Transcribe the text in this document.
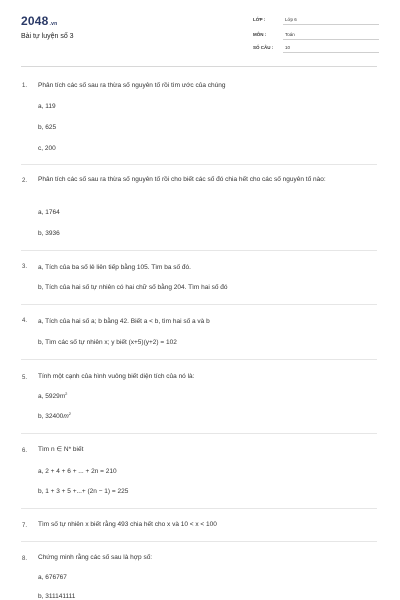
2048.vn
Bài tự luyện số 3
LỚP :	Lớp 6
MÔN :	Toán
SỐ CÂU :	10
1. Phân tích các số sau ra thừa số nguyên tố rồi tìm ước của chúng
a, 119
b, 625
c, 200
2. Phân tích các số sau ra thừa số nguyên tố rồi cho biết các số đó chia hết cho các số nguyên tố nào:
a, 1764
b, 3936
3. a, Tích của ba số lẻ liên tiếp bằng 105. Tìm ba số đó.
b, Tích của hai số tự nhiên có hai chữ số bằng 204. Tìm hai số đó
4. a, Tích của hai số a; b bằng 42. Biết a < b, tìm hai số a và b
b, Tìm các số tự nhiên x; y biết (x+5)(y+2) = 102
5. Tính một cạnh của hình vuông biết diện tích của nó là:
a, $5929m^2$
b, $32400m^2$
6. Tìm n ∈ N* biết
a, 2 + 4 + 6 + ... + 2n = 210
b, 1 + 3 + 5 +...+ (2n − 1) = 225
7. Tìm số tự nhiên x biết rằng 493 chia hết cho x và 10 < x < 100
8. Chứng minh rằng các số sau là hợp số:
a, 676767
b, 311141111
